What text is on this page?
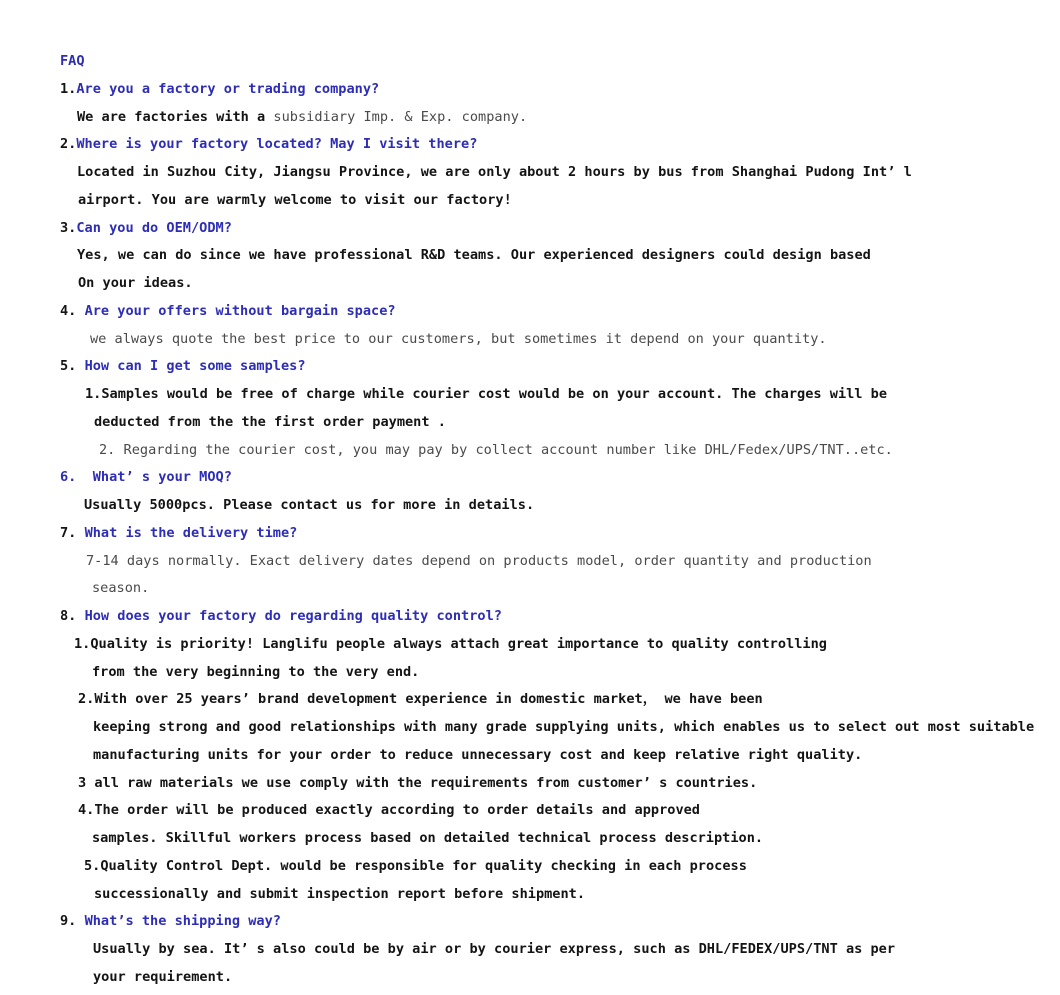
FAQ
1.Are you a factory or trading company?
We are factories with a subsidiary Imp. & Exp. company.
2.Where is your factory located? May I visit there?
Located in Suzhou City, Jiangsu Province, we are only about 2 hours by bus from Shanghai Pudong Int’ l
airport. You are warmly welcome to visit our factory!
3.Can you do OEM/ODM?
Yes, we can do since we have professional R&D teams. Our experienced designers could design based
On your ideas.
4. Are your offers without bargain space?
we always quote the best price to our customers, but sometimes it depend on your quantity.
5. How can I get some samples?
1.Samples would be free of charge while courier cost would be on your account. The charges will be
deducted from the the first order payment .
2. Regarding the courier cost, you may pay by collect account number like DHL/Fedex/UPS/TNT..etc.
6.  What’ s your MOQ?
Usually 5000pcs. Please contact us for more in details.
7. What is the delivery time?
7-14 days normally. Exact delivery dates depend on products model, order quantity and production
season.
8. How does your factory do regarding quality control?
1.Quality is priority! Langlifu people always attach great importance to quality controlling
from the very beginning to the very end.
2.With over 25 years’ brand development experience in domestic market， we have been
keeping strong and good relationships with many grade supplying units, which enables us to select out most suitable
manufacturing units for your order to reduce unnecessary cost and keep relative right quality.
3 all raw materials we use comply with the requirements from customer’ s countries.
4.The order will be produced exactly according to order details and approved
samples. Skillful workers process based on detailed technical process description.
5.Quality Control Dept. would be responsible for quality checking in each process
successionally and submit inspection report before shipment.
9. What’s the shipping way?
Usually by sea. It’ s also could be by air or by courier express, such as DHL/FEDEX/UPS/TNT as per
your requirement.
